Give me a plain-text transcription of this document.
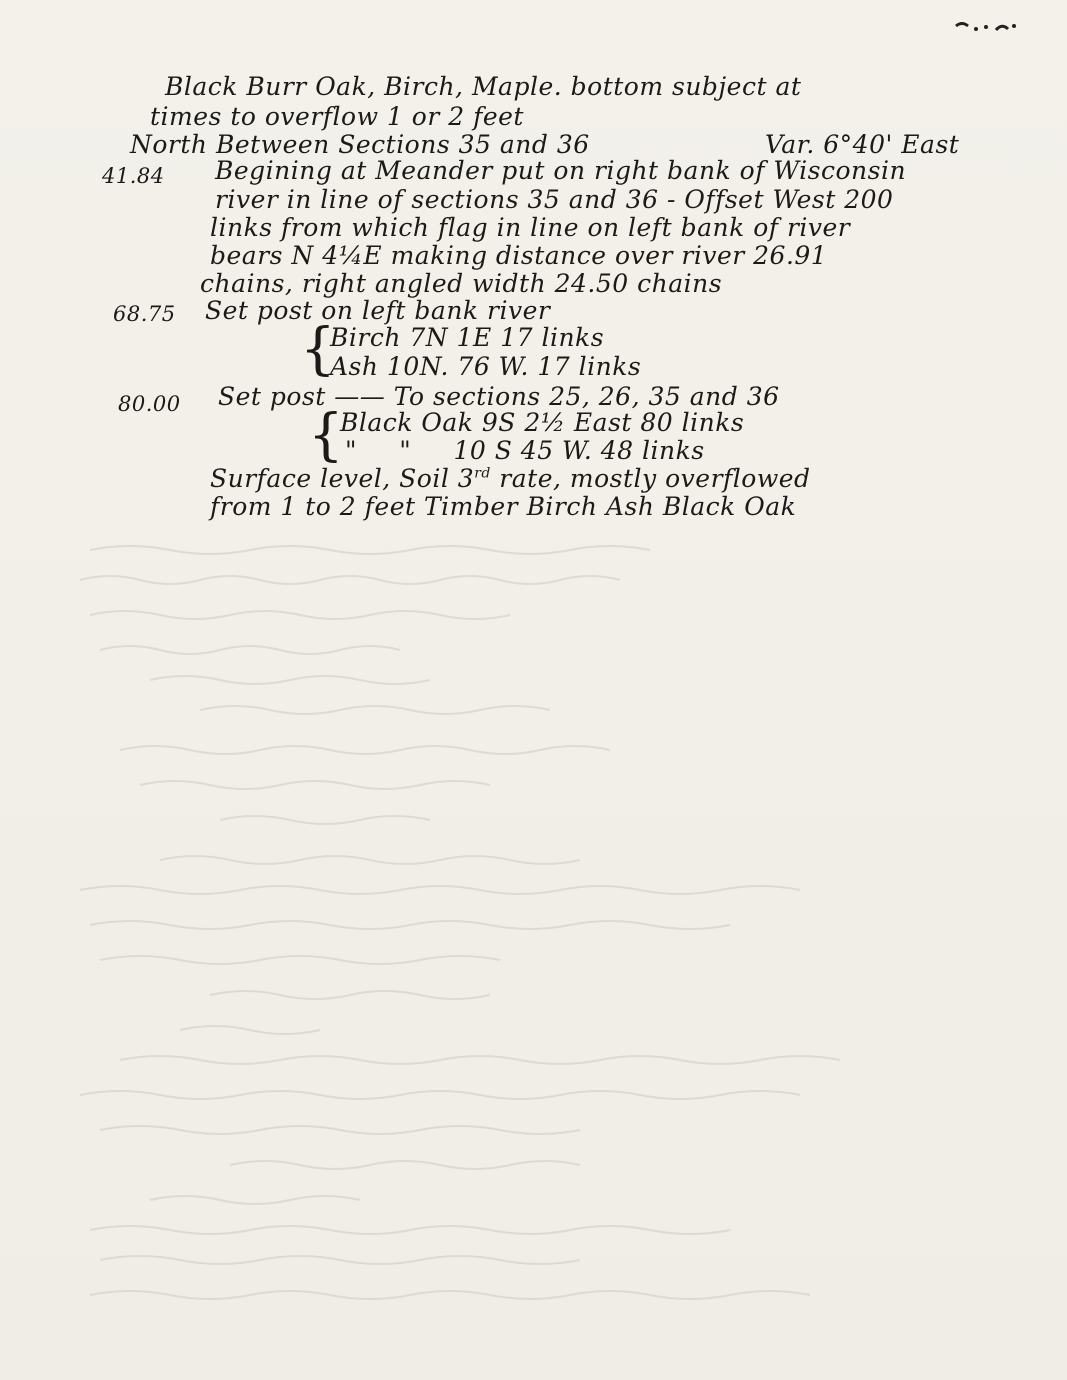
Black Burr Oak, Birch, Maple. bottom subject at
times to overflow 1 or 2 feet
North Between Sections 35 and 36	Var. 6°40' East
41.84 Begining at Meander put on right bank of Wisconsin
river in line of sections 35 and 36 - Offset West 200
links from which flag in line on left bank of river
bears N 4¼E making distance over river 26.91
chains, right angled width 24.50 chains
68.75 Set post on left bank river
{
Birch 7N 1E 17 links
Ash 10N. 76 W. 17 links
80.00 Set post —— To sections 25, 26, 35 and 36
{
Black Oak 9S 2½ East 80 links
"     "     10 S 45 W. 48 links
Surface level, Soil 3rd rate, mostly overflowed
from 1 to 2 feet Timber Birch Ash Black Oak
